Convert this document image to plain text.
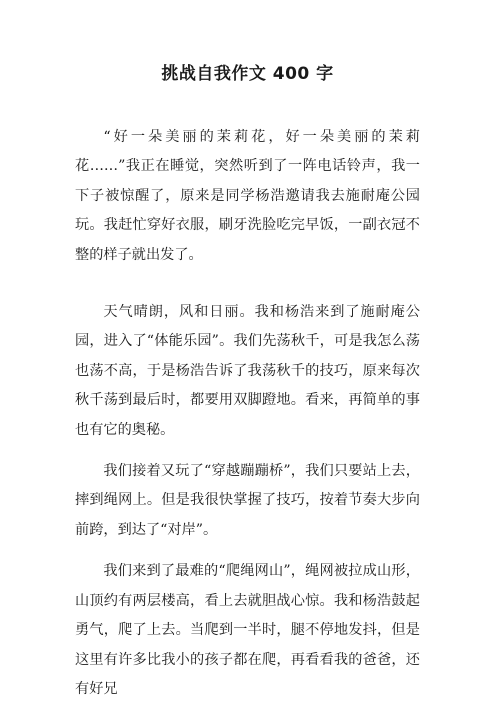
挑战自我作文 400 字

“好一朵美丽的茉莉花，好一朵美丽的茉莉花……”我正在睡觉，突然听到了一阵电话铃声，我一下子被惊醒了，原来是同学杨浩邀请我去施耐庵公园玩。我赶忙穿好衣服，刷牙洗脸吃完早饭，一副衣冠不整的样子就出发了。

天气晴朗，风和日丽。我和杨浩来到了施耐庵公园，进入了“体能乐园”。我们先荡秋千，可是我怎么荡也荡不高，于是杨浩告诉了我荡秋千的技巧，原来每次秋千荡到最后时，都要用双脚蹬地。看来，再简单的事也有它的奥秘。

我们接着又玩了“穿越蹦蹦桥”，我们只要站上去，摔到绳网上。但是我很快掌握了技巧，按着节奏大步向前跨，到达了“对岸”。

我们来到了最难的“爬绳网山”，绳网被拉成山形，山顶约有两层楼高，看上去就胆战心惊。我和杨浩鼓起勇气，爬了上去。当爬到一半时，腿不停地发抖，但是这里有许多比我小的孩子都在爬，再看看我的爸爸，还有好兄
